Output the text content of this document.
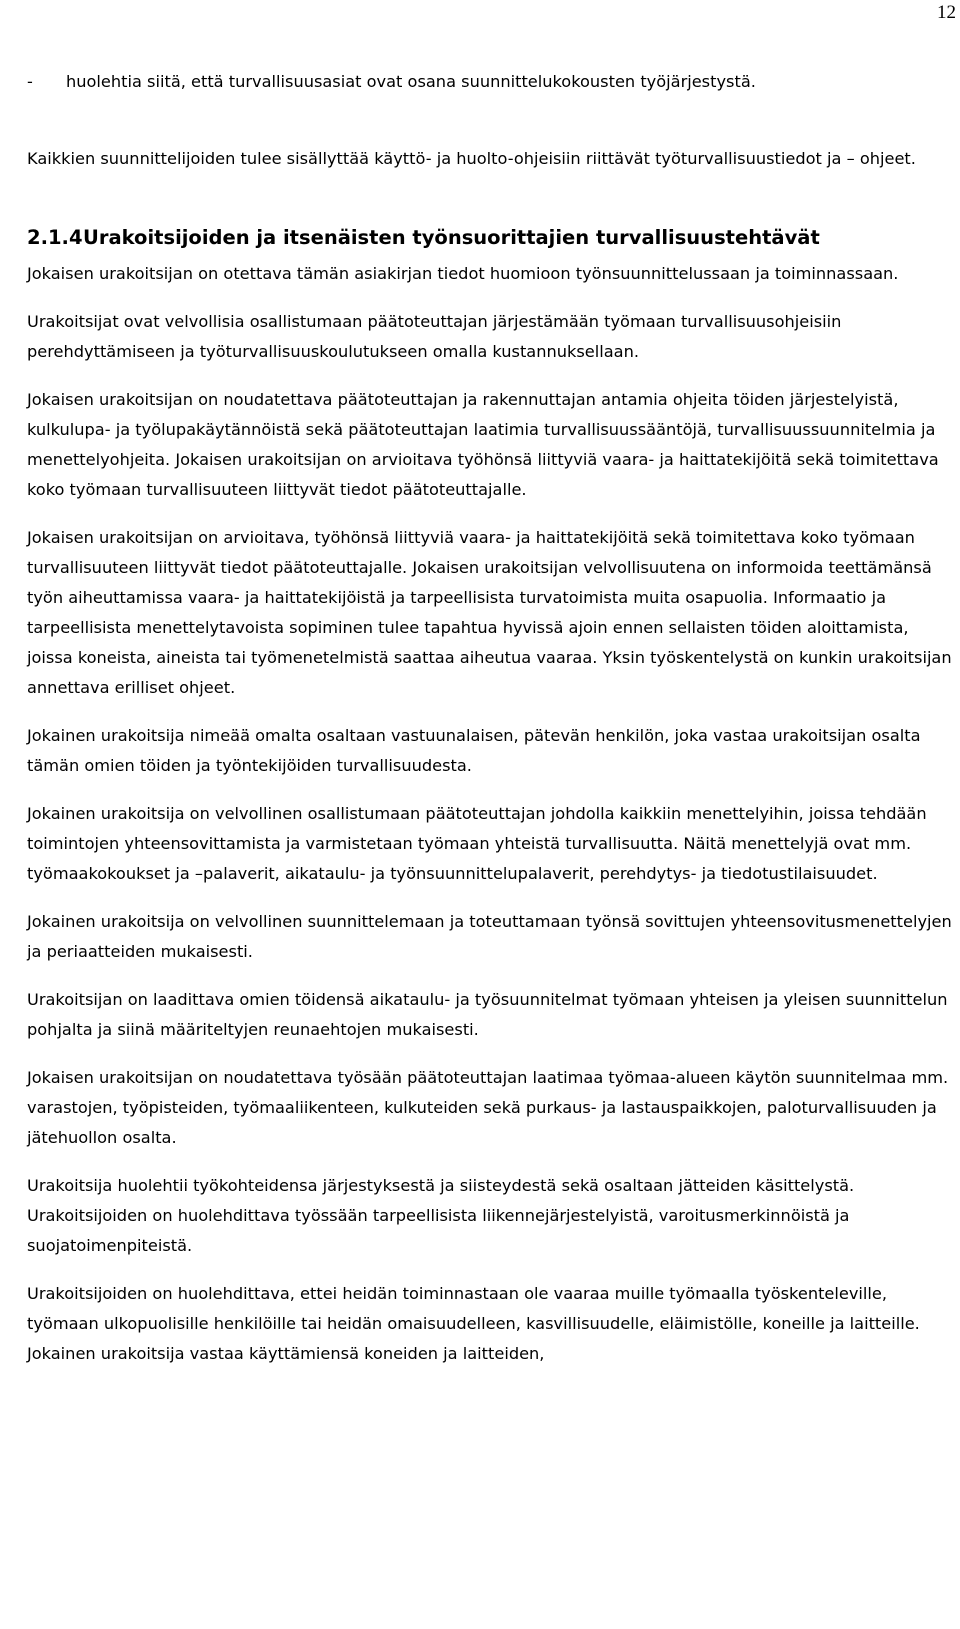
12
-	huolehtia siitä, että turvallisuusasiat ovat osana suunnittelukokousten työjärjestystä.

Kaikkien suunnittelijoiden tulee sisällyttää käyttö- ja huolto-ohjeisiin riittävät työturvallisuustiedot ja – ohjeet.

2.1.4Urakoitsijoiden ja itsenäisten työnsuorittajien turvallisuustehtävät

Jokaisen urakoitsijan on otettava tämän asiakirjan tiedot huomioon työnsuunnittelussaan ja toiminnassaan.

Urakoitsijat ovat velvollisia osallistumaan päätoteuttajan järjestämään työmaan turvallisuusohjeisiin perehdyttämiseen ja työturvallisuuskoulutukseen omalla kustannuksellaan.

Jokaisen urakoitsijan on noudatettava päätoteuttajan ja rakennuttajan antamia ohjeita töiden järjestelyistä, kulkulupa- ja työlupakäytännöistä sekä päätoteuttajan laatimia turvallisuussääntöjä, turvallisuussuunnitelmia ja menettelyohjeita. Jokaisen urakoitsijan on arvioitava työhönsä liittyviä vaara- ja haittatekijöitä sekä toimitettava koko työmaan turvallisuuteen liittyvät tiedot päätoteuttajalle.

Jokaisen urakoitsijan on arvioitava, työhönsä liittyviä vaara- ja haittatekijöitä sekä toimitettava koko työmaan turvallisuuteen liittyvät tiedot päätoteuttajalle. Jokaisen urakoitsijan velvollisuutena on informoida teettämänsä työn aiheuttamissa vaara- ja haittatekijöistä ja tarpeellisista turvatoimista muita osapuolia. Informaatio ja tarpeellisista menettelytavoista sopiminen tulee tapahtua hyvissä ajoin ennen sellaisten töiden aloittamista, joissa koneista, aineista tai työmenetelmistä saattaa aiheutua vaaraa. Yksin työskentelystä on kunkin urakoitsijan annettava erilliset ohjeet.

Jokainen urakoitsija nimeää omalta osaltaan vastuunalaisen, pätevän henkilön, joka vastaa urakoitsijan osalta tämän omien töiden ja työntekijöiden turvallisuudesta.

Jokainen urakoitsija on velvollinen osallistumaan päätoteuttajan johdolla kaikkiin menettelyihin, joissa tehdään toimintojen yhteensovittamista ja varmistetaan työmaan yhteistä turvallisuutta. Näitä menettelyjä ovat mm. työmaakokoukset ja –palaverit, aikataulu- ja työnsuunnittelupalaverit, perehdytys- ja tiedotustilaisuudet.

Jokainen urakoitsija on velvollinen suunnittelemaan ja toteuttamaan työnsä sovittujen yhteensovitusmenettelyjen ja periaatteiden mukaisesti.

Urakoitsijan on laadittava omien töidensä aikataulu- ja työsuunnitelmat työmaan yhteisen ja yleisen suunnittelun pohjalta ja siinä määriteltyjen reunaehtojen mukaisesti.

Jokaisen urakoitsijan on noudatettava työsään päätoteuttajan laatimaa työmaa-alueen käytön suunnitelmaa mm. varastojen, työpisteiden, työmaaliikenteen, kulkuteiden sekä purkaus- ja lastauspaikkojen, paloturvallisuuden ja jätehuollon osalta.

Urakoitsija huolehtii työkohteidensa järjestyksestä ja siisteydestä sekä osaltaan jätteiden käsittelystä. Urakoitsijoiden on huolehdittava työssään tarpeellisista liikennejärjestelyistä, varoitusmerkinnöistä ja suojatoimenpiteistä.

Urakoitsijoiden on huolehdittava, ettei heidän toiminnastaan ole vaaraa muille työmaalla työskenteleville, työmaan ulkopuolisille henkilöille tai heidän omaisuudelleen, kasvillisuudelle, eläimistölle, koneille ja laitteille. Jokainen urakoitsija vastaa käyttämiensä koneiden ja laitteiden,
